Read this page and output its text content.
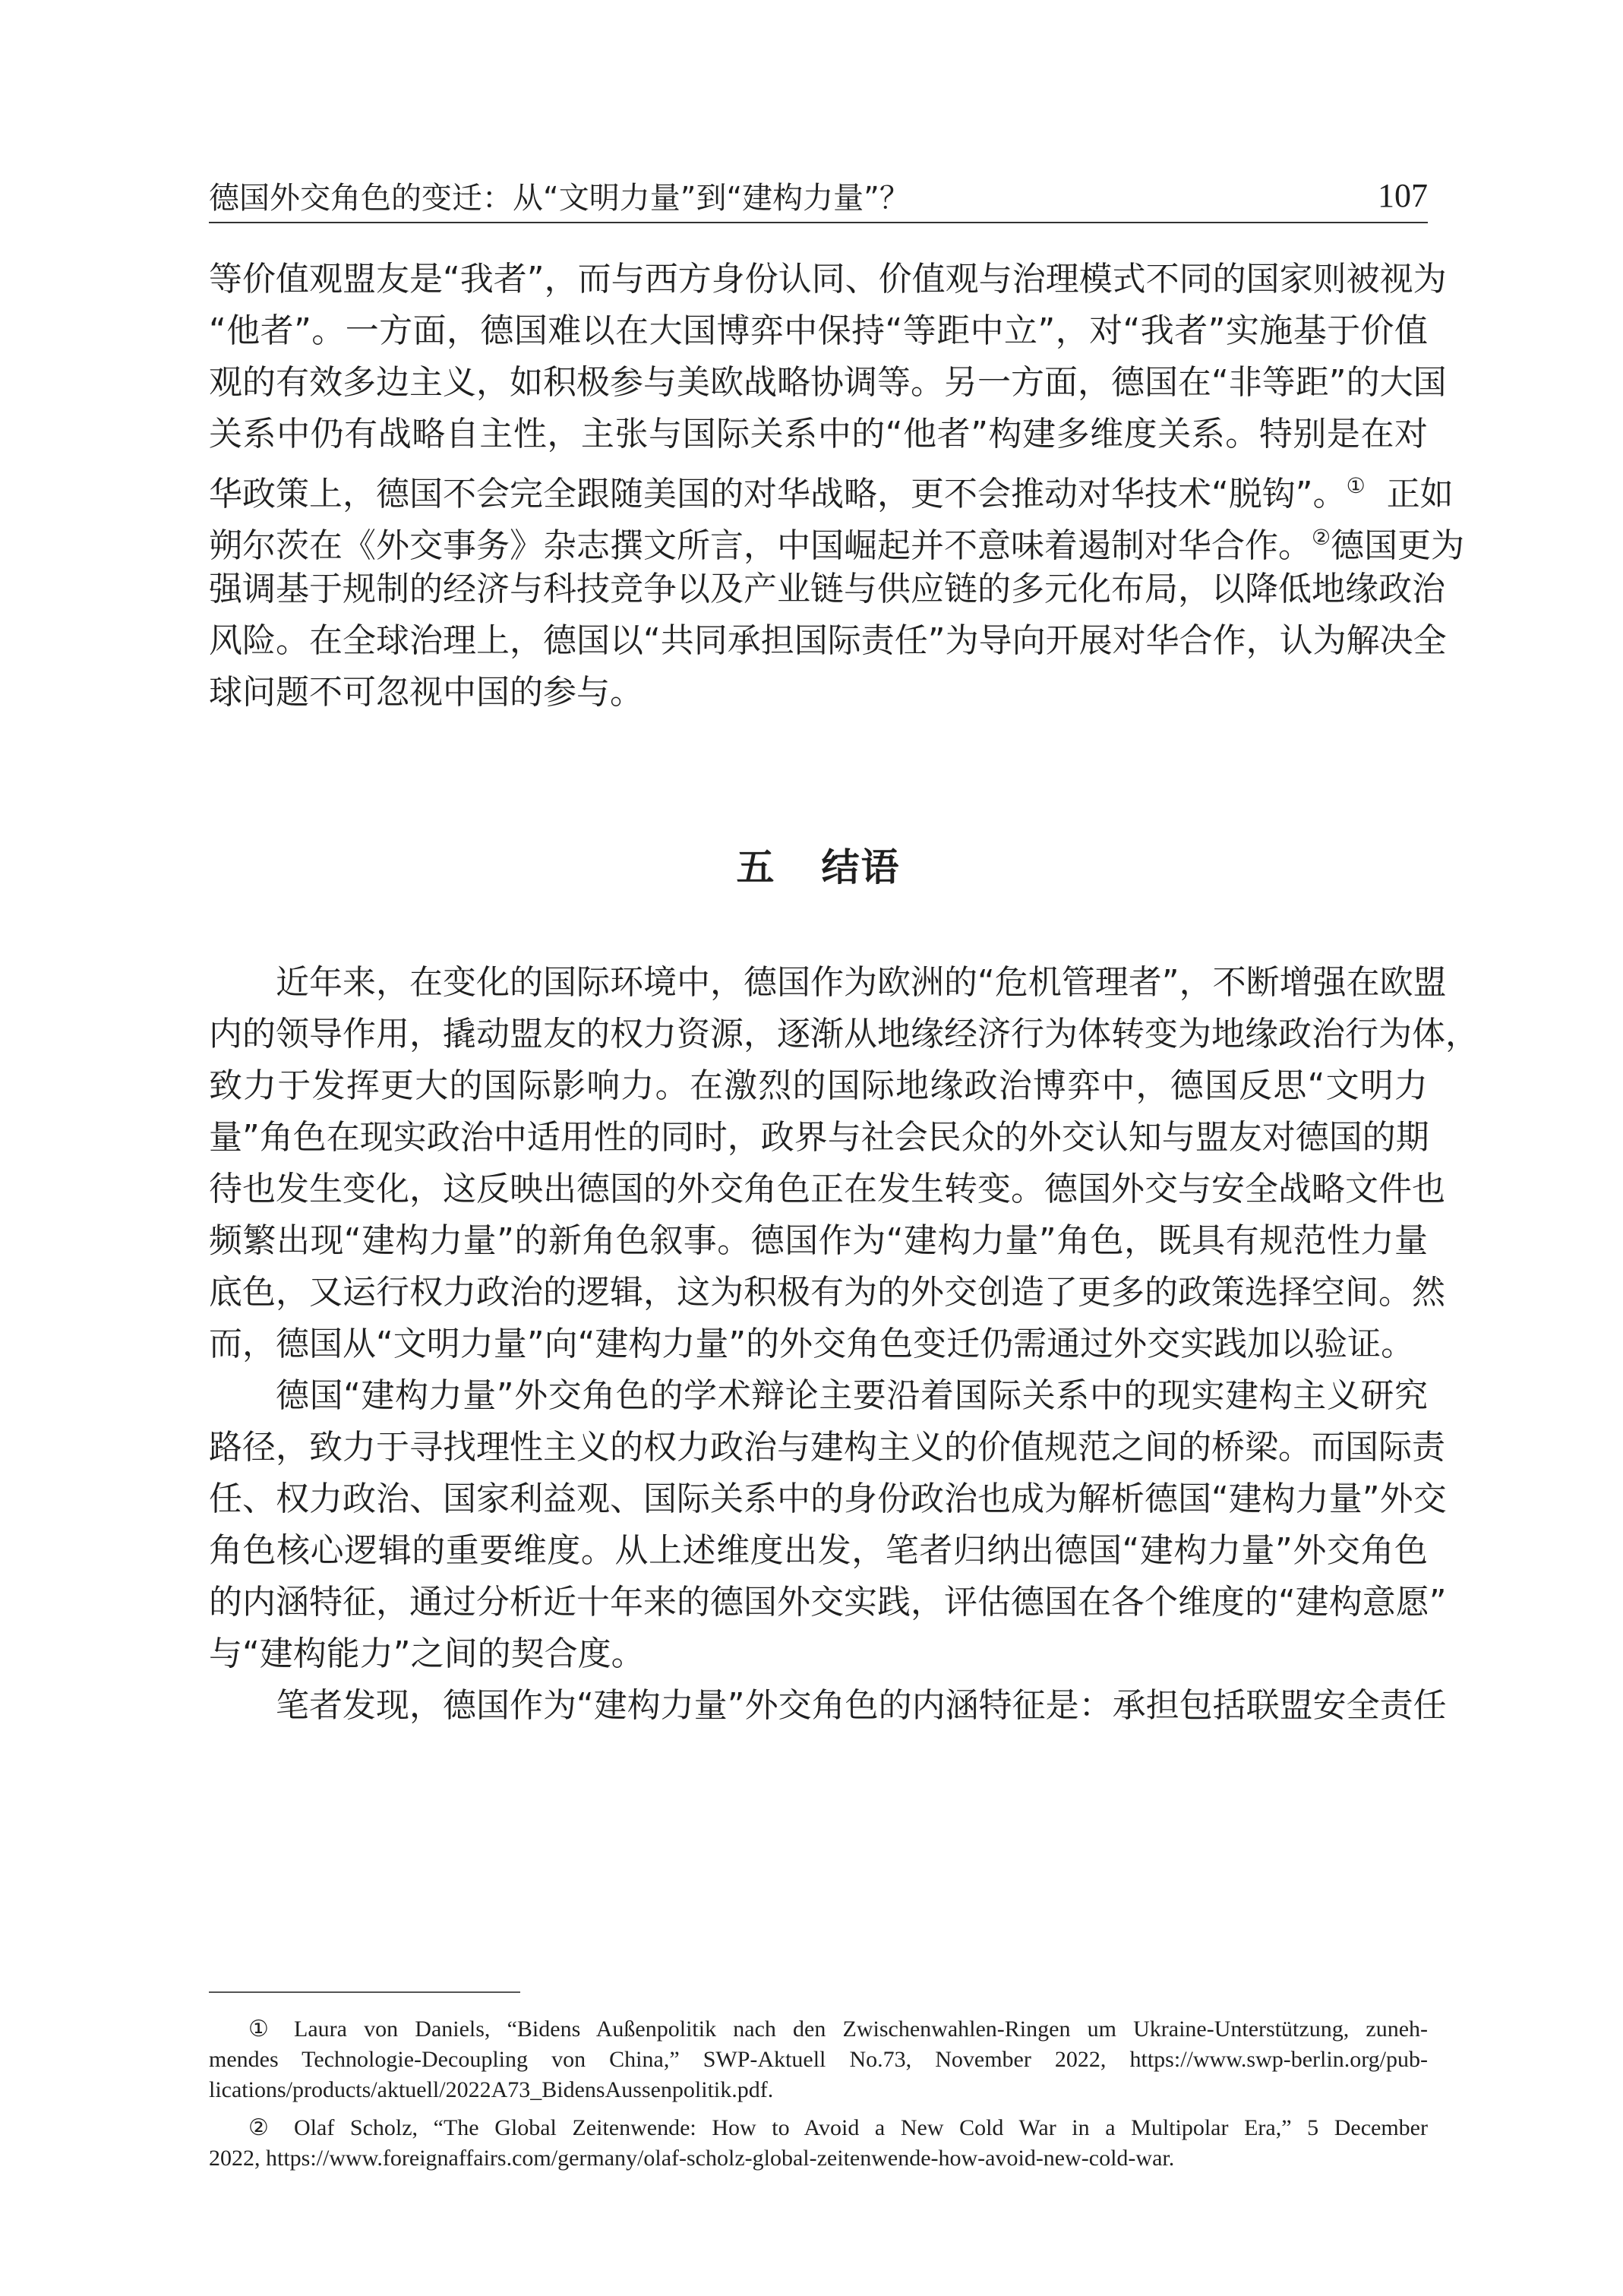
德国外交角色的变迁：从“文明力量”到“建构力量”？	107
等价值观盟友是“我者”，而与西方身份认同、价值观与治理模式不同的国家则被视为
“他者”。一方面，德国难以在大国博弈中保持“等距中立”，对“我者”实施基于价值
观的有效多边主义，如积极参与美欧战略协调等。另一方面，德国在“非等距”的大国
关系中仍有战略自主性，主张与国际关系中的“他者”构建多维度关系。特别是在对
华政策上，德国不会完全跟随美国的对华战略，更不会推动对华技术“脱钩”。① 正如
朔尔茨在《外交事务》杂志撰文所言，中国崛起并不意味着遏制对华合作。②德国更为
强调基于规制的经济与科技竞争以及产业链与供应链的多元化布局，以降低地缘政治
风险。在全球治理上，德国以“共同承担国际责任”为导向开展对华合作，认为解决全
球问题不可忽视中国的参与。
五 结语
近年来，在变化的国际环境中，德国作为欧洲的“危机管理者”，不断增强在欧盟
内的领导作用，撬动盟友的权力资源，逐渐从地缘经济行为体转变为地缘政治行为体，
致力于发挥更大的国际影响力。在激烈的国际地缘政治博弈中，德国反思“文明力
量”角色在现实政治中适用性的同时，政界与社会民众的外交认知与盟友对德国的期
待也发生变化，这反映出德国的外交角色正在发生转变。德国外交与安全战略文件也
频繁出现“建构力量”的新角色叙事。德国作为“建构力量”角色，既具有规范性力量
底色，又运行权力政治的逻辑，这为积极有为的外交创造了更多的政策选择空间。然
而，德国从“文明力量”向“建构力量”的外交角色变迁仍需通过外交实践加以验证。
德国“建构力量”外交角色的学术辩论主要沿着国际关系中的现实建构主义研究
路径，致力于寻找理性主义的权力政治与建构主义的价值规范之间的桥梁。而国际责
任、权力政治、国家利益观、国际关系中的身份政治也成为解析德国“建构力量”外交
角色核心逻辑的重要维度。从上述维度出发，笔者归纳出德国“建构力量”外交角色
的内涵特征，通过分析近十年来的德国外交实践，评估德国在各个维度的“建构意愿”
与“建构能力”之间的契合度。
笔者发现，德国作为“建构力量”外交角色的内涵特征是：承担包括联盟安全责任
① Laura von Daniels, “Bidens Außenpolitik nach den Zwischenwahlen-Ringen um Ukraine-Unterstützung, zuneh-
mendes Technologie-Decoupling von China,” SWP-Aktuell No.73, November 2022, https://www.swp-berlin.org/pub-
lications/products/aktuell/2022A73_BidensAussenpolitik.pdf.
② Olaf Scholz, “The Global Zeitenwende: How to Avoid a New Cold War in a Multipolar Era,” 5 December
2022, https://www.foreignaffairs.com/germany/olaf-scholz-global-zeitenwende-how-avoid-new-cold-war.
